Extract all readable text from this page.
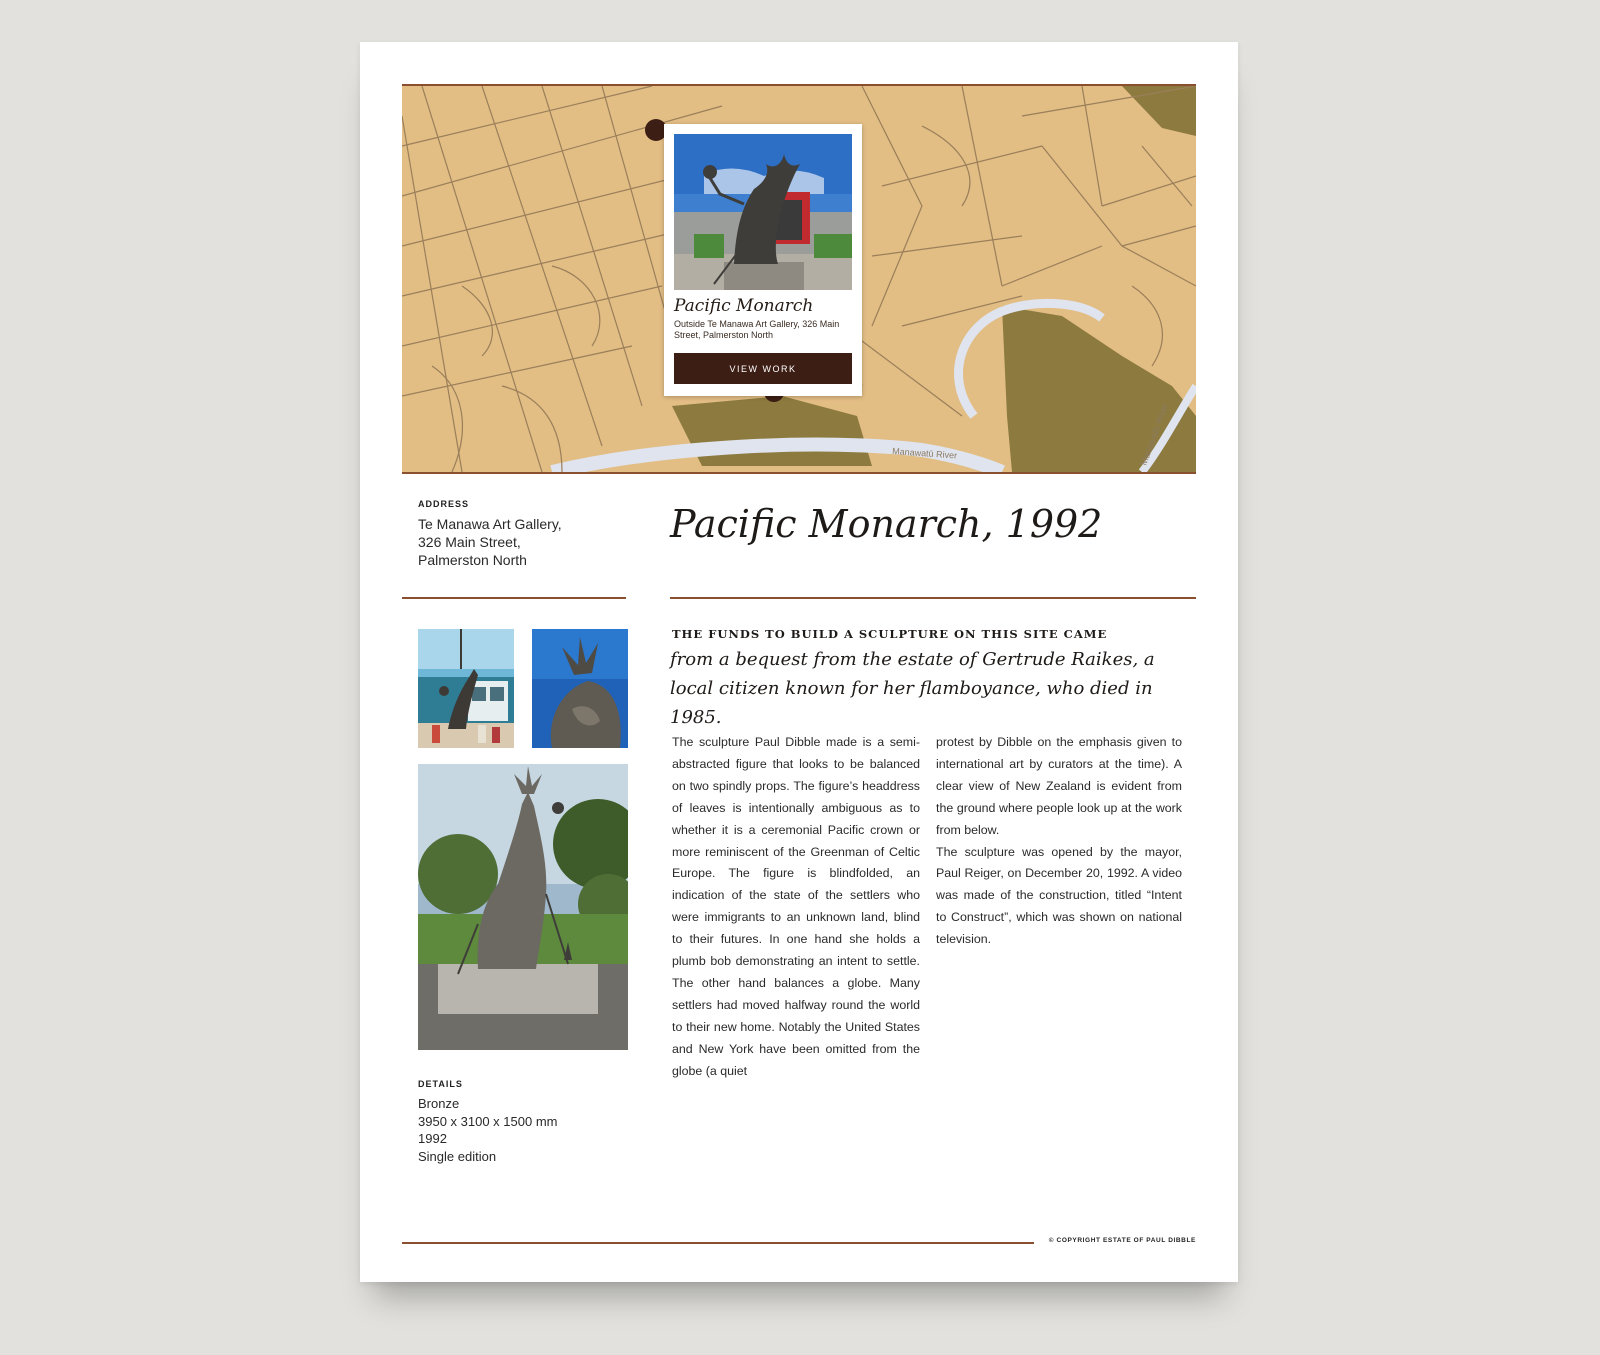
Manawatū River	Manawatū River
Pacific Monarch
Outside Te Manawa Art Gallery, 326 Main Street, Palmerston North
VIEW WORK
ADDRESS
Te Manawa Art Gallery,
326 Main Street,
Palmerston North
Pacific Monarch, 1992
DETAILS
Bronze
3950 x 3100 x 1500 mm
1992
Single edition
THE FUNDS TO BUILD A SCULPTURE ON THIS SITE CAME
from a bequest from the estate of Gertrude Raikes, a local citizen known for her flamboyance, who died in 1985.
The sculpture Paul Dibble made is a semi-abstracted figure that looks to be balanced on two spindly props. The figure’s headdress of leaves is intentionally ambiguous as to whether it is a ceremonial Pacific crown or more reminiscent of the Greenman of Celtic Europe. The figure is blindfolded, an indication of the state of the settlers who were immigrants to an unknown land, blind to their futures. In one hand she holds a plumb bob demonstrating an intent to settle. The other hand balances a globe. Many settlers had moved halfway round the world to their new home. Notably the United States and New York have been omitted from the globe (a quiet
protest by Dibble on the emphasis given to international art by curators at the time). A clear view of New Zealand is evident from the ground where people look up at the work from below.
The sculpture was opened by the mayor, Paul Reiger, on December 20, 1992. A video was made of the construction, titled “Intent to Construct”, which was shown on national television.
© COPYRIGHT ESTATE OF PAUL DIBBLE
